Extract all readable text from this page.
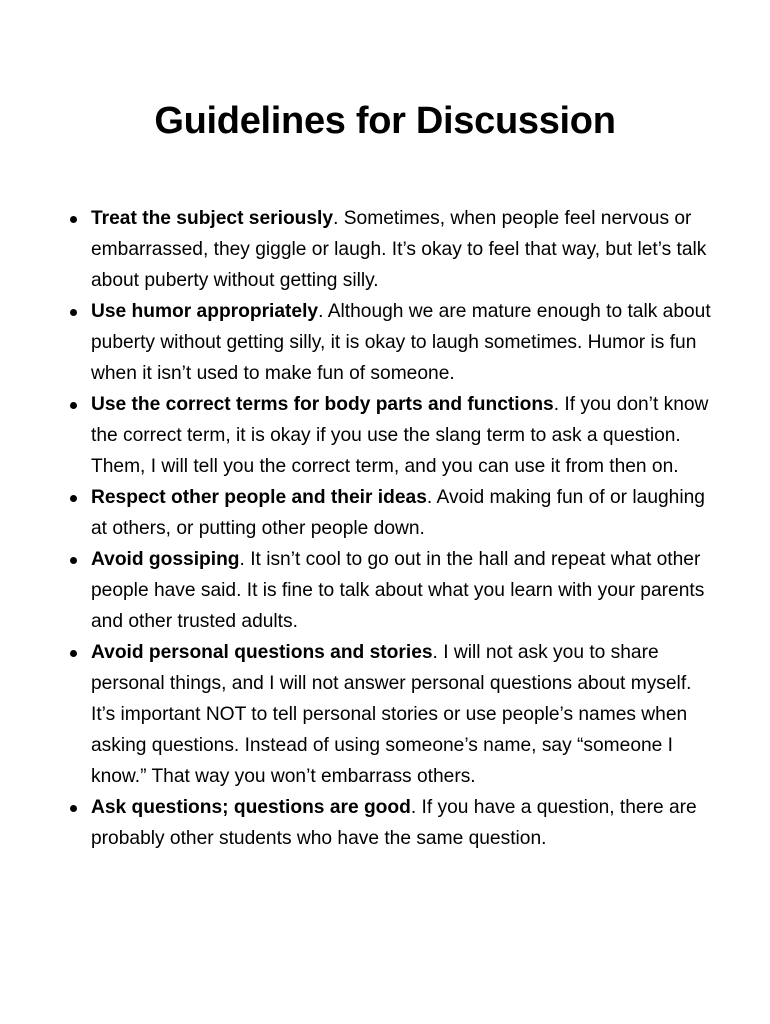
Guidelines for Discussion
Treat the subject seriously. Sometimes, when people feel nervous or embarrassed, they giggle or laugh. It’s okay to feel that way, but let’s talk about puberty without getting silly.
Use humor appropriately. Although we are mature enough to talk about puberty without getting silly, it is okay to laugh sometimes. Humor is fun when it isn’t used to make fun of someone.
Use the correct terms for body parts and functions. If you don’t know the correct term, it is okay if you use the slang term to ask a question. Them, I will tell you the correct term, and you can use it from then on.
Respect other people and their ideas. Avoid making fun of or laughing at others, or putting other people down.
Avoid gossiping. It isn’t cool to go out in the hall and repeat what other people have said. It is fine to talk about what you learn with your parents and other trusted adults.
Avoid personal questions and stories. I will not ask you to share personal things, and I will not answer personal questions about myself. It’s important NOT to tell personal stories or use people’s names when asking questions. Instead of using someone’s name, say “someone I know.” That way you won’t embarrass others.
Ask questions; questions are good. If you have a question, there are probably other students who have the same question.
